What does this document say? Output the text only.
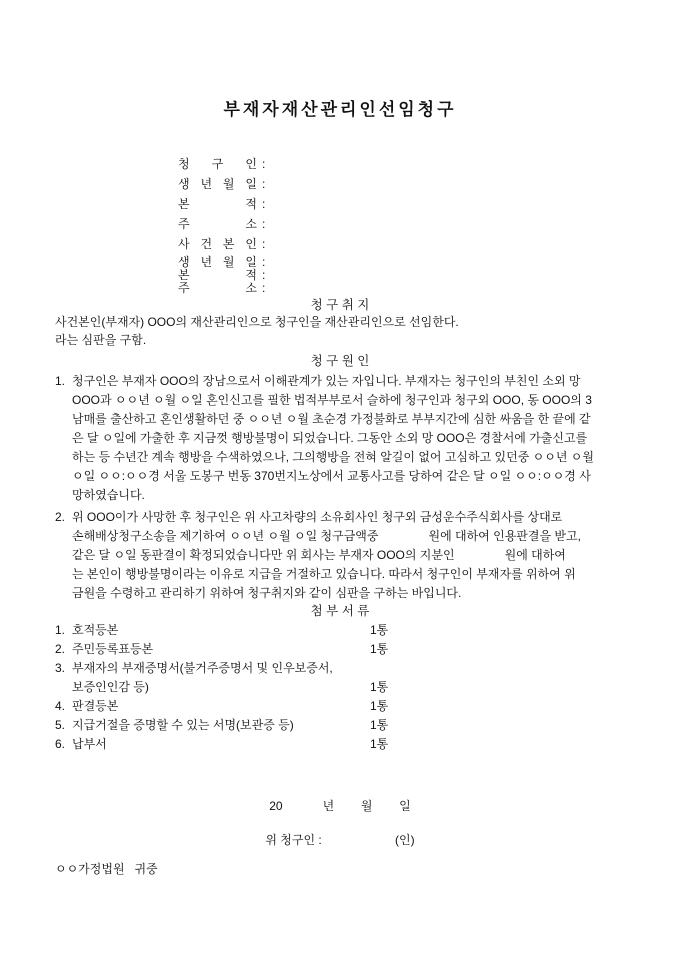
부재자재산관리인선임청구
청 구 인 :
생 년 월 일 :
본 적 :
주 소 :
사 건 본 인 :
생 년 월 일 :
본 적 :
주 소 :
청 구 취 지
사건본인(부재자) OOO의 재산관리인으로 청구인을 재산관리인으로 선임한다.
라는 심판을 구함.
청 구 원 인
1. 청구인은 부재자 OOO의 장남으로서 이해관계가 있는 자입니다. 부재자는 청구인의 부친인 소외 망
OOO과 ㅇㅇ년 ㅇ월 ㅇ일 혼인신고를 필한 법적부부로서 슬하에 청구인과 청구외 OOO, 동 OOO의 3
남매를 출산하고 혼인생활하던 중 ㅇㅇ년 ㅇ월 초순경 가정불화로 부부지간에 심한 싸움을 한 끝에 같
은 달 ㅇ일에 가출한 후 지금껏 행방불명이 되었습니다. 그동안 소외 망 OOO은 경찰서에 가출신고를
하는 등 수년간 계속 행방을 수색하였으나, 그의행방을 전혀 알길이 없어 고심하고 있던중 ㅇㅇ년 ㅇ월
ㅇ일 ㅇㅇ:ㅇㅇ경 서울 도봉구 번동 370번지노상에서 교통사고를 당하여 같은 달 ㅇ일 ㅇㅇ:ㅇㅇ경 사
망하였습니다.
2. 위 OOO이가 사망한 후 청구인은 위 사고차량의 소유회사인 청구외 금성운수주식회사를 상대로
손해배상청구소송을 제기하여 ㅇㅇ년 ㅇ월 ㅇ일 청구금액중               원에 대하여 인용판결을 받고,
같은 달 ㅇ일 동판결이 확정되었습니다만 위 회사는 부재자 OOO의 지분인               원에 대하여
는 본인이 행방불명이라는 이유로 지급을 거절하고 있습니다. 따라서 청구인이 부재자를 위하여 위
금원을 수령하고 관리하기 위하여 청구취지와 같이 심판을 구하는 바입니다.
첨 부 서 류
1. 호적등본	1통
2. 주민등록표등본	1통
3. 부재자의 부재증명서(불거주증명서 및 인우보증서,
보증인인감 등)	1통
4. 판결등본	1통
5. 지급거절을 증명할 수 있는 서명(보관증 등)	1통
6. 납부서	1통
20            년        월        일
위 청구인 :                      (인)
ㅇㅇ가정법원   귀중
